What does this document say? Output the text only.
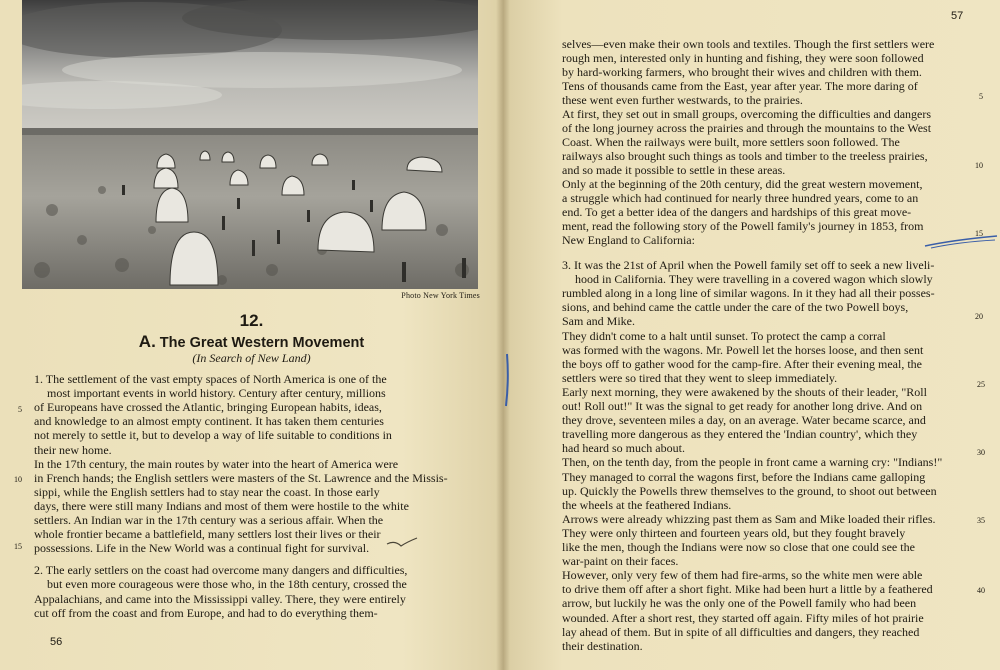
Photo New York Times
12.
A. The Great Western Movement
(In Search of New Land)
1. The settlement of the vast empty spaces of North America is one of the
most important events in world history. Century after century, millions
of Europeans have crossed the Atlantic, bringing European habits, ideas,
and knowledge to an almost empty continent. It has taken them centuries
not merely to settle it, but to develop a way of life suitable to conditions in
their new home.
In the 17th century, the main routes by water into the heart of America were
in French hands; the English settlers were masters of the St. Lawrence and the Missis-
sippi, while the English settlers had to stay near the coast. In those early
days, there were still many Indians and most of them were hostile to the white
settlers. An Indian war in the 17th century was a serious affair. When the
whole frontier became a battlefield, many settlers lost their lives or their
possessions. Life in the New World was a continual fight for survival.
2. The early settlers on the coast had overcome many dangers and difficulties,
but even more courageous were those who, in the 18th century, crossed the
Appalachians, and came into the Mississippi valley. There, they were entirely
cut off from the coast and from Europe, and had to do everything them-
5
10
15
56
57
selves—even make their own tools and textiles. Though the first settlers were
rough men, interested only in hunting and fishing, they were soon followed
by hard-working farmers, who brought their wives and children with them.
Tens of thousands came from the East, year after year. The more daring of
these went even further westwards, to the prairies.
At first, they set out in small groups, overcoming the difficulties and dangers
of the long journey across the prairies and through the mountains to the West
Coast. When the railways were built, more settlers soon followed. The
railways also brought such things as tools and timber to the treeless prairies,
and so made it possible to settle in these areas.
Only at the beginning of the 20th century, did the great western movement,
a struggle which had continued for nearly three hundred years, come to an
end. To get a better idea of the dangers and hardships of this great move-
ment, read the following story of the Powell family's journey in 1853, from
New England to California:
3. It was the 21st of April when the Powell family set off to seek a new liveli-
hood in California. They were travelling in a covered wagon which slowly
rumbled along in a long line of similar wagons. In it they had all their posses-
sions, and behind came the cattle under the care of the two Powell boys,
Sam and Mike.
They didn't come to a halt until sunset. To protect the camp a corral
was formed with the wagons. Mr. Powell let the horses loose, and then sent
the boys off to gather wood for the camp-fire. After their evening meal, the
settlers were so tired that they went to sleep immediately.
Early next morning, they were awakened by the shouts of their leader, "Roll
out! Roll out!" It was the signal to get ready for another long drive. And on
they drove, seventeen miles a day, on an average. Water became scarce, and
travelling more dangerous as they entered the 'Indian country', which they
had heard so much about.
Then, on the tenth day, from the people in front came a warning cry: "Indians!"
They managed to corral the wagons first, before the Indians came galloping
up. Quickly the Powells threw themselves to the ground, to shoot out between
the wheels at the feathered Indians.
Arrows were already whizzing past them as Sam and Mike loaded their rifles.
They were only thirteen and fourteen years old, but they fought bravely
like the men, though the Indians were now so close that one could see the
war-paint on their faces.
However, only very few of them had fire-arms, so the white men were able
to drive them off after a short fight. Mike had been hurt a little by a feathered
arrow, but luckily he was the only one of the Powell family who had been
wounded. After a short rest, they started off again. Fifty miles of hot prairie
lay ahead of them. But in spite of all difficulties and dangers, they reached
their destination.
5
10
15
20
25
30
35
40
